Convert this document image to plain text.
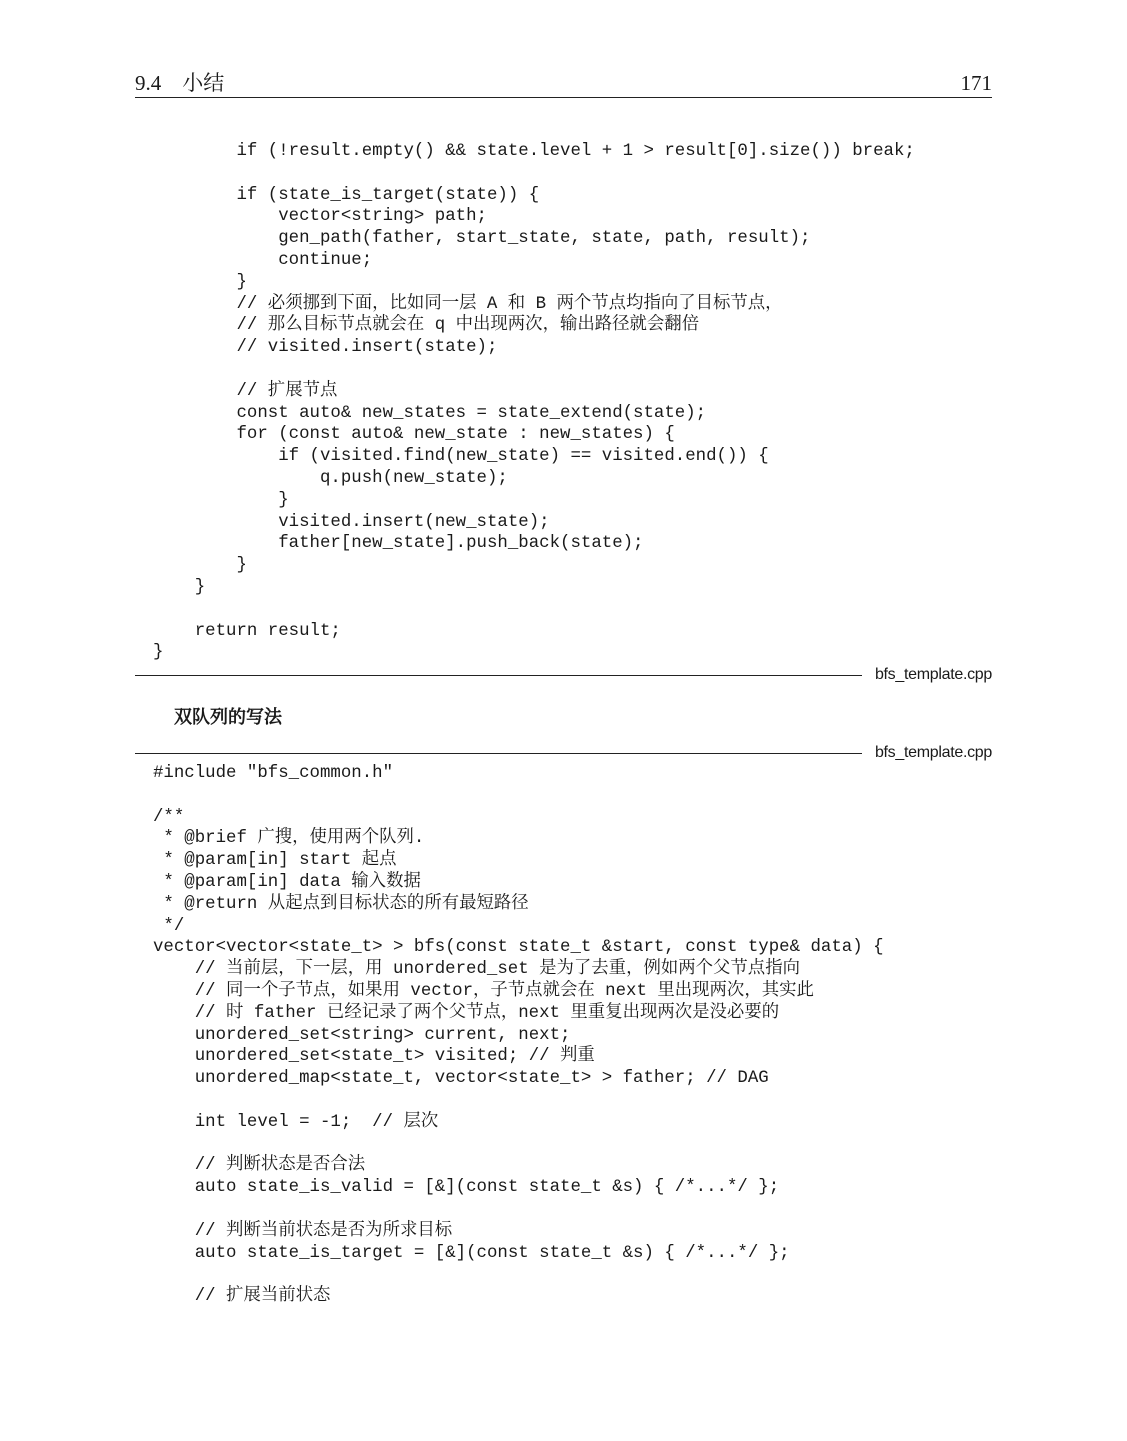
9.4　小结	171
if (!result.empty() && state.level + 1 > result[0].size()) break;
if (state_is_target(state)) {
vector<string> path;
gen_path(father, start_state, state, path, result);
continue;
}
// 必须挪到下面，比如同一层 A 和 B 两个节点均指向了目标节点，
// 那么目标节点就会在 q 中出现两次，输出路径就会翻倍
// visited.insert(state);
// 扩展节点
const auto& new_states = state_extend(state);
for (const auto& new_state : new_states) {
if (visited.find(new_state) == visited.end()) {
q.push(new_state);
}
visited.insert(new_state);
father[new_state].push_back(state);
}
}
return result;
}
bfs_template.cpp
双队列的写法
bfs_template.cpp
#include "bfs_common.h"
/**
* @brief 广搜，使用两个队列.
* @param[in] start 起点
* @param[in] data 输入数据
* @return 从起点到目标状态的所有最短路径
*/
vector<vector<state_t> > bfs(const state_t &start, const type& data) {
// 当前层，下一层，用 unordered_set 是为了去重，例如两个父节点指向
// 同一个子节点，如果用 vector，子节点就会在 next 里出现两次，其实此
// 时 father 已经记录了两个父节点，next 里重复出现两次是没必要的
unordered_set<string> current, next;
unordered_set<state_t> visited; // 判重
unordered_map<state_t, vector<state_t> > father; // DAG
int level = -1;  // 层次
// 判断状态是否合法
auto state_is_valid = [&](const state_t &s) { /*...*/ };
// 判断当前状态是否为所求目标
auto state_is_target = [&](const state_t &s) { /*...*/ };
// 扩展当前状态
